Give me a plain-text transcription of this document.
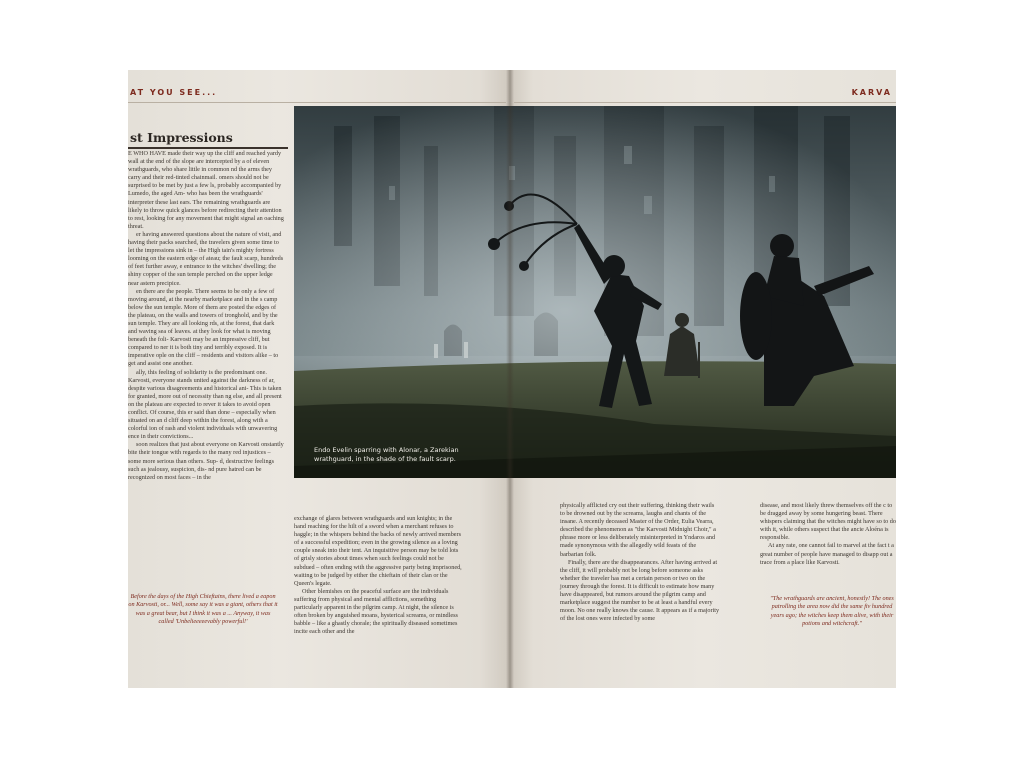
AT YOU SEE...
st Impressions

E WHO HAVE made their way up the cliff and reached yardy wall at the end of the slope are intercepted by a of eleven wrathguards, who share little in common nd the arms they carry and their red-tinted chainmail. omers should not be surprised to be met by just a few ls, probably accompanied by Lumedo, the aged Am- who has been the wrathguards' interpreter these last ears. The remaining wrathguards are likely to throw quick glances before redirecting their attention to rest, looking for any movement that might signal an oaching threat.

er having answered questions about the nature of visit, and having their packs searched, the travelers given some time to let the impressions sink in – the High tain's mighty fortress looming on the eastern edge of ateau; the fault scarp, hundreds of feet further away, e entrance to the witches' dwelling; the shiny copper of the sun temple perched on the upper ledge near astern precipice.

en there are the people. There seems to be only a few of moving around, at the nearby marketplace and in the s camp below the sun temple. More of them are posted the edges of the plateau, on the walls and towers of tronghold, and by the sun temple. They are all looking rds, at the forest, that dark and waving sea of leaves. at they look for what is moving beneath the foli- Karvosti may be an impressive cliff, but compared to ner it is both tiny and terribly exposed. It is imperative ople on the cliff – residents and visitors alike – to get and assist one another.

ally, this feeling of solidarity is the predominant one. Karvosti, everyone stands united against the darkness of ar, despite various disagreements and historical ani- This is taken for granted, more out of necessity than ng else, and all present on the plateau are expected to rever it takes to avoid open conflict. Of course, this er said than done – especially when situated on an d cliff deep within the forest, along with a colorful ion of rash and violent individuals with unwavering ence in their convictions...

soon realizes that just about everyone on Karvosti onstantly bite their tongue with regards to the many red injustices – some more serious than others. Sup- d, destructive feelings such as jealousy, suspicion, dis- nd pure hatred can be recognized on most faces – in the

Before the days of the High Chieftains, there lived a eapon on Karvosti, or... Well, some say it was a giant, others that it was a great bear, but I think it was a ... Anyway, it was called 'Unbelieeeeevably powerful!'

exchange of glares between wrathguards and sun knights; in the hand reaching for the hilt of a sword when a merchant refuses to haggle; in the whispers behind the backs of newly arrived members of a successful expedition; even in the growing silence as a loving couple sneak into their tent. An inquisitive person may be told lots of grisly stories about times when such feelings could not be subdued – often ending with the aggressive party being imprisoned, waiting to be judged by either the chieftain of their clan or the Queen's legate.

Other blemishes on the peaceful surface are the individuals suffering from physical and mental afflictions, something particularly apparent in the pilgrim camp. At night, the silence is often broken by anguished moans, hysterical screams, or mindless babble – like a ghastly chorale; the spiritually diseased sometimes incite each other and the

KARVA
Endo Evelin sparring with Alonar, a Zarekian wrathguard, in the shade of the fault scarp.

physically afflicted cry out their suffering, thinking their wails to be drowned out by the screams, laughs and chants of the insane. A recently deceased Master of the Order, Eulia Vearra, described the phenomenon as "the Karvosti Midnight Choir," a phrase more or less deliberately misinterpreted in Yndaros and made synonymous with the allegedly wild feasts of the barbarian folk.

Finally, there are the disappearances. After having arrived at the cliff, it will probably not be long before someone asks whether the traveler has met a certain person or two on the journey through the forest. It is difficult to estimate how many have disappeared, but rumors around the pilgrim camp and marketplace suggest the number to be at least a handful every moon. No one really knows the cause. It appears as if a majority of the lost ones were infected by some

disease, and most likely threw themselves off the c to be dragged away by some hungering beast. There whispers claiming that the witches might have so to do with it, while others suspect that the ancie Aloéna is responsible.

At any rate, one cannot fail to marvel at the fact t a great number of people have managed to disapp out a trace from a place like Karvosti.

"The wrathguards are ancient, honestly! The ones patrolling the area now did the same fiv hundred years ago; the witches keep them alive, with their potions and witchcraft."
